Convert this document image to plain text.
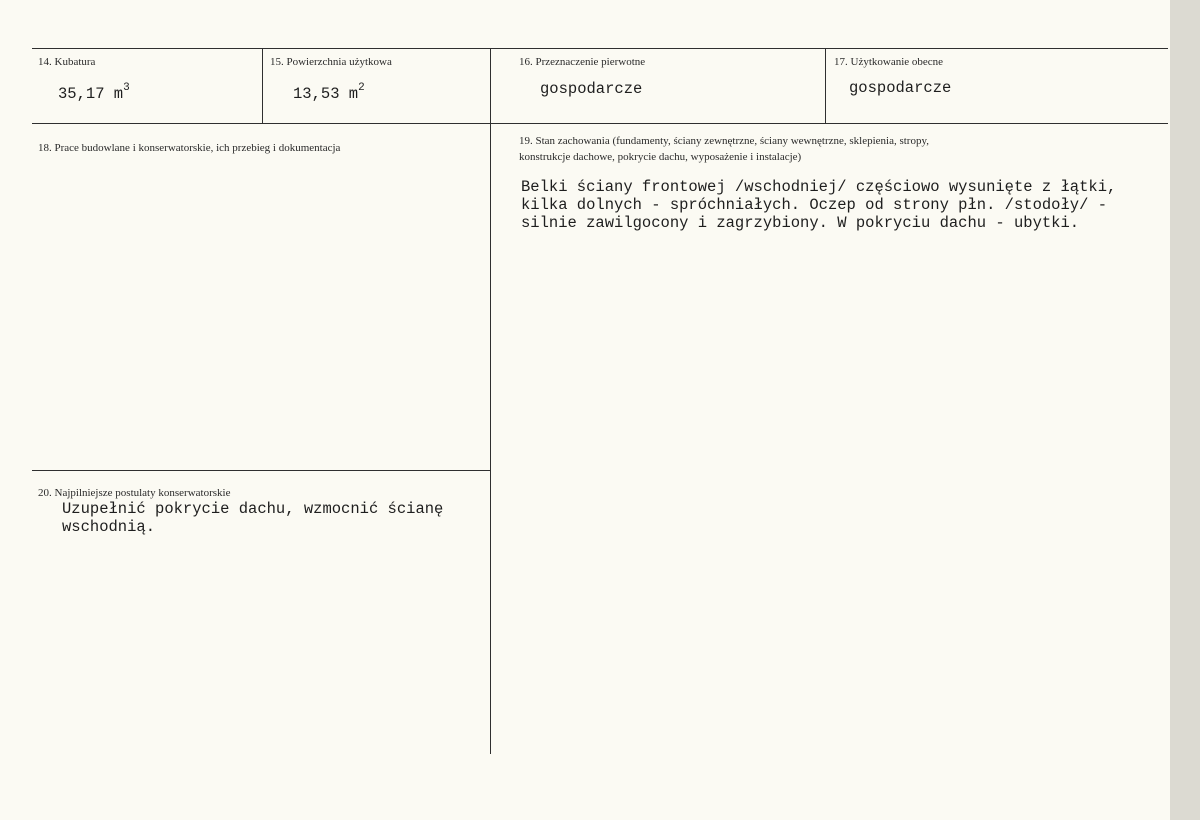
14. Kubatura
35,17 $m^3$
15. Powierzchnia użytkowa
13,53 $m^2$
16. Przeznaczenie pierwotne
gospodarcze
17. Użytkowanie obecne
gospodarcze
18. Prace budowlane i konserwatorskie, ich przebieg i dokumentacja
19. Stan zachowania (fundamenty, ściany zewnętrzne, ściany wewnętrzne, sklepienia, stropy,
konstrukcje dachowe, pokrycie dachu, wyposażenie i instalacje)
Belki ściany frontowej /wschodniej/ częściowo wysunięte z łątki,
kilka dolnych - spróchniałych. Oczep od strony płn. /stodoły/ -
silnie zawilgocony i zagrzybiony. W pokryciu dachu - ubytki.
20. Najpilniejsze postulaty konserwatorskie
Uzupełnić pokrycie dachu, wzmocnić ścianę
wschodnią.
